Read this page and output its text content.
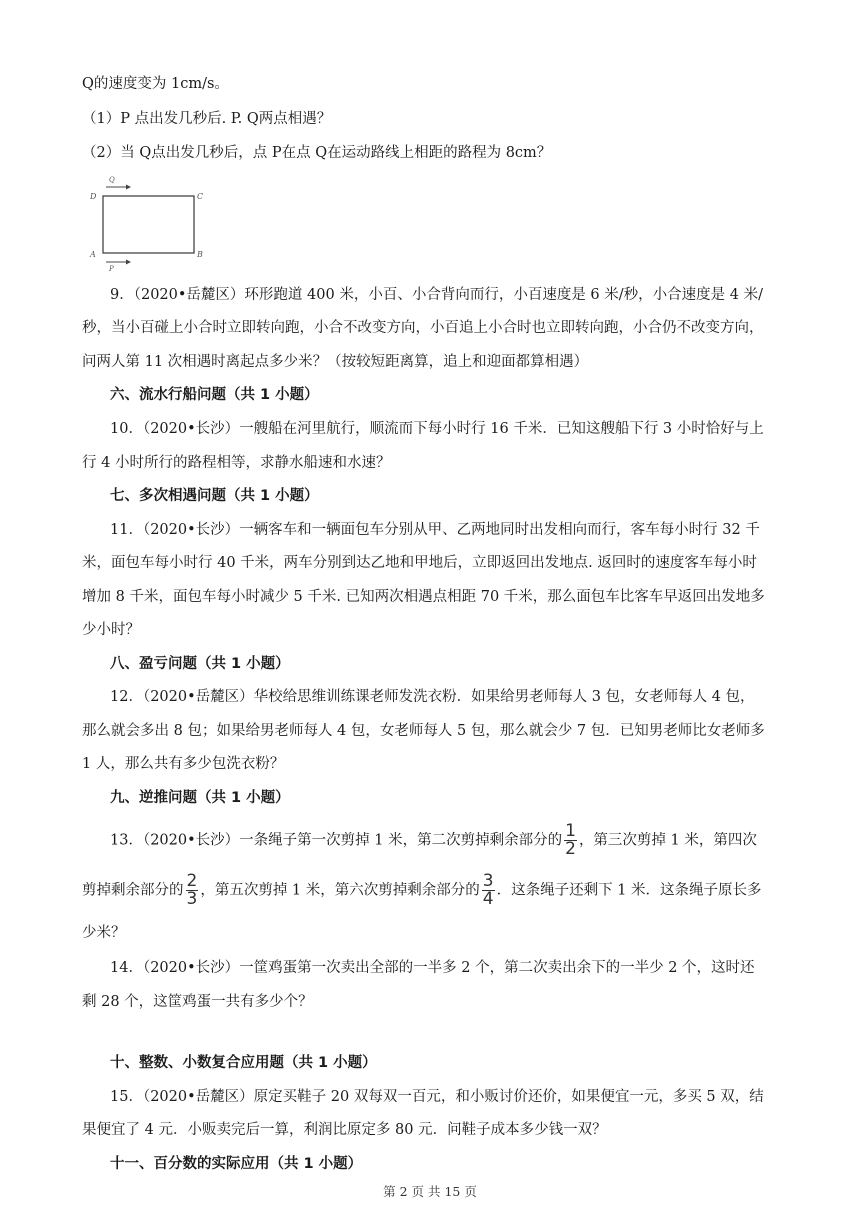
Q的速度变为 1cm/s。
（1）P 点出发几秒后. P. Q两点相遇？
（2）当 Q点出发几秒后，点 P在点 Q在运动路线上相距的路程为 8cm？
D	C
A	B
Q
P
9．（2020•岳麓区）环形跑道 400 米，小百、小合背向而行，小百速度是 6 米/秒，小合速度是 4 米/
秒，当小百碰上小合时立即转向跑，小合不改变方向，小百追上小合时也立即转向跑，小合仍不改变方向，
问两人第 11 次相遇时离起点多少米？（按较短距离算，追上和迎面都算相遇）
六、流水行船问题（共 1 小题）
10．（2020•长沙）一艘船在河里航行，顺流而下每小时行 16 千米．已知这艘船下行 3 小时恰好与上
行 4 小时所行的路程相等，求静水船速和水速？
七、多次相遇问题（共 1 小题）
11．（2020•长沙）一辆客车和一辆面包车分别从甲、乙两地同时出发相向而行，客车每小时行 32 千
米，面包车每小时行 40 千米，两车分别到达乙地和甲地后，立即返回出发地点. 返回时的速度客车每小时
增加 8 千米，面包车每小时减少 5 千米. 已知两次相遇点相距 70 千米，那么面包车比客车早返回出发地多
少小时？
八、盈亏问题（共 1 小题）
12．（2020•岳麓区）华校给思维训练课老师发洗衣粉．如果给男老师每人 3 包，女老师每人 4 包，
那么就会多出 8 包；如果给男老师每人 4 包，女老师每人 5 包，那么就会少 7 包．已知男老师比女老师多
1 人，那么共有多少包洗衣粉？
九、逆推问题（共 1 小题）
13．（2020•长沙）一条绳子第一次剪掉 1 米，第二次剪掉剩余部分的 $\frac{1}{2}$ ，第三次剪掉 1 米，第四次
剪掉剩余部分的 $\frac{2}{3}$ ，第五次剪掉 1 米，第六次剪掉剩余部分的 $\frac{3}{4}$ ．这条绳子还剩下 1 米．这条绳子原长多
少米？
14．（2020•长沙）一筐鸡蛋第一次卖出全部的一半多 2 个，第二次卖出余下的一半少 2 个，这时还
剩 28 个，这筐鸡蛋一共有多少个？
十、整数、小数复合应用题（共 1 小题）
15．（2020•岳麓区）原定买鞋子 20 双每双一百元，和小贩讨价还价，如果便宜一元，多买 5 双，结
果便宜了 4 元．小贩卖完后一算，利润比原定多 80 元．问鞋子成本多少钱一双？
十一、百分数的实际应用（共 1 小题）
第 2 页 共 15 页
